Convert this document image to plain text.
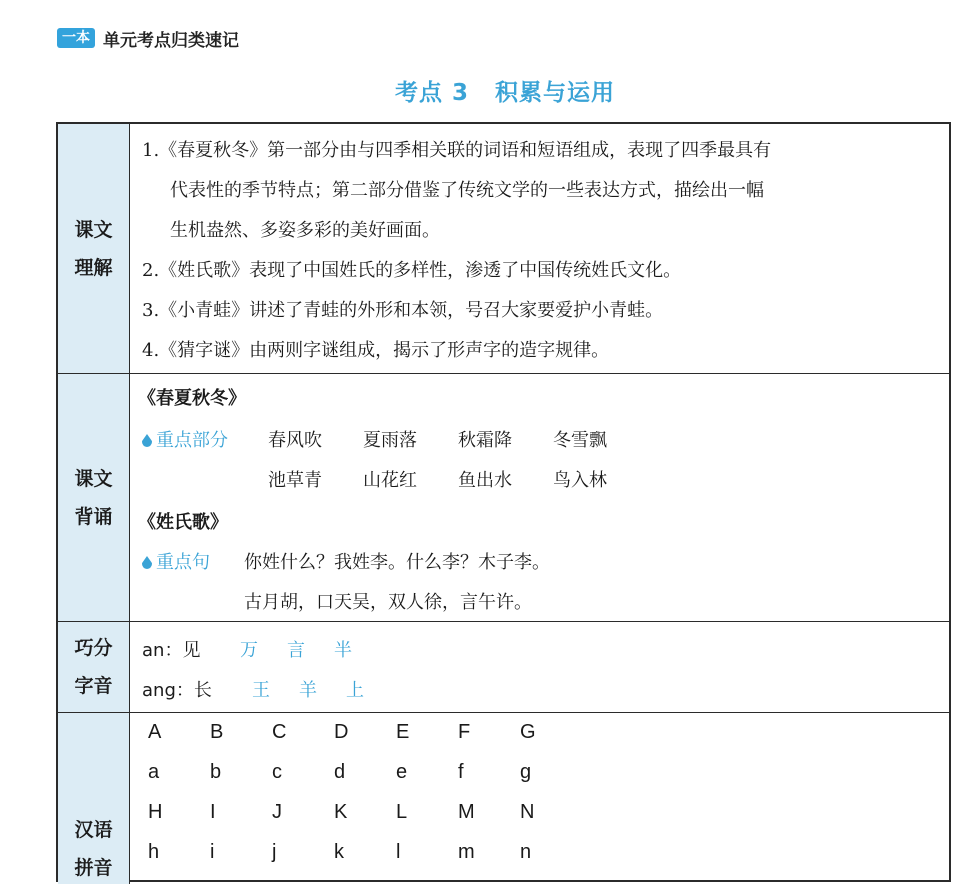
一本 单元考点归类速记
考点 3 积累与运用
课文
理解
1.《春夏秋冬》第一部分由与四季相关联的词语和短语组成，表现了四季最具有
代表性的季节特点；第二部分借鉴了传统文学的一些表达方式，描绘出一幅
生机盎然、多姿多彩的美好画面。
2.《姓氏歌》表现了中国姓氏的多样性，渗透了中国传统姓氏文化。
3.《小青蛙》讲述了青蛙的外形和本领，号召大家要爱护小青蛙。
4.《猜字谜》由两则字谜组成，揭示了形声字的造字规律。
课文
背诵
《春夏秋冬》
重点部分 春风吹 夏雨落 秋霜降 冬雪飘
池草青 山花红 鱼出水 鸟入林
《姓氏歌》
重点句 你姓什么？我姓李。什么李？木子李。
古月胡，口天吴，双人徐，言午许。
巧分
字音
an：见 万 言 半
ang：长 王 羊 上
汉语
拼音
A B C D E F G
a	b	c	d	e	f	g
H I	J	K L	M N
h	i	j	k	l	m n
